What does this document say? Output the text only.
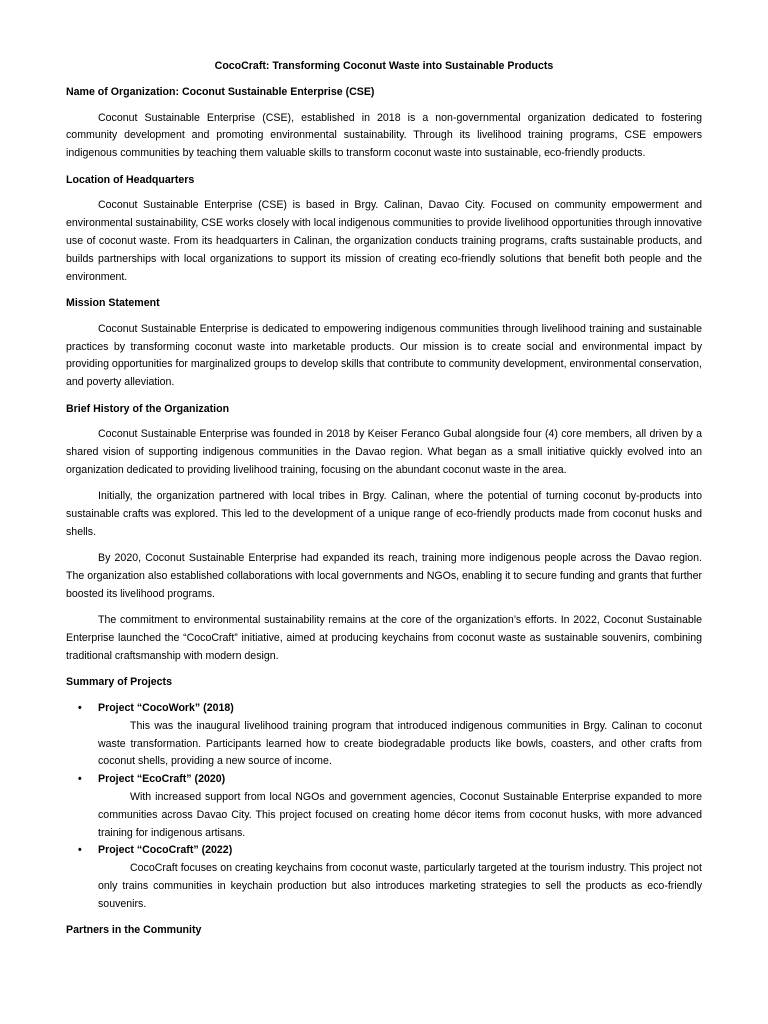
CocoCraft: Transforming Coconut Waste into Sustainable Products
Name of Organization: Coconut Sustainable Enterprise (CSE)

Coconut Sustainable Enterprise (CSE), established in 2018 is a non-governmental organization dedicated to fostering community development and promoting environmental sustainability. Through its livelihood training programs, CSE empowers indigenous communities by teaching them valuable skills to transform coconut waste into sustainable, eco-friendly products.

Location of Headquarters

Coconut Sustainable Enterprise (CSE) is based in Brgy. Calinan, Davao City. Focused on community empowerment and environmental sustainability, CSE works closely with local indigenous communities to provide livelihood opportunities through innovative use of coconut waste. From its headquarters in Calinan, the organization conducts training programs, crafts sustainable products, and builds partnerships with local organizations to support its mission of creating eco-friendly solutions that benefit both people and the environment.

Mission Statement

Coconut Sustainable Enterprise is dedicated to empowering indigenous communities through livelihood training and sustainable practices by transforming coconut waste into marketable products. Our mission is to create social and environmental impact by providing opportunities for marginalized groups to develop skills that contribute to community development, environmental conservation, and poverty alleviation.

Brief History of the Organization

Coconut Sustainable Enterprise was founded in 2018 by Keiser Feranco Gubal alongside four (4) core members, all driven by a shared vision of supporting indigenous communities in the Davao region. What began as a small initiative quickly evolved into an organization dedicated to providing livelihood training, focusing on the abundant coconut waste in the area.

Initially, the organization partnered with local tribes in Brgy. Calinan, where the potential of turning coconut by-products into sustainable crafts was explored. This led to the development of a unique range of eco-friendly products made from coconut husks and shells.

By 2020, Coconut Sustainable Enterprise had expanded its reach, training more indigenous people across the Davao region. The organization also established collaborations with local governments and NGOs, enabling it to secure funding and grants that further boosted its livelihood programs.

The commitment to environmental sustainability remains at the core of the organization’s efforts. In 2022, Coconut Sustainable Enterprise launched the “CocoCraft” initiative, aimed at producing keychains from coconut waste as sustainable souvenirs, combining traditional craftsmanship with modern design.

Summary of Projects
• Project “CocoWork” (2018)
This was the inaugural livelihood training program that introduced indigenous communities in Brgy. Calinan to coconut waste transformation. Participants learned how to create biodegradable products like bowls, coasters, and other crafts from coconut shells, providing a new source of income.
• Project “EcoCraft” (2020)
With increased support from local NGOs and government agencies, Coconut Sustainable Enterprise expanded to more communities across Davao City. This project focused on creating home décor items from coconut husks, with more advanced training for indigenous artisans.
• Project “CocoCraft” (2022)
CocoCraft focuses on creating keychains from coconut waste, particularly targeted at the tourism industry. This project not only trains communities in keychain production but also introduces marketing strategies to sell the products as eco-friendly souvenirs.
Partners in the Community
